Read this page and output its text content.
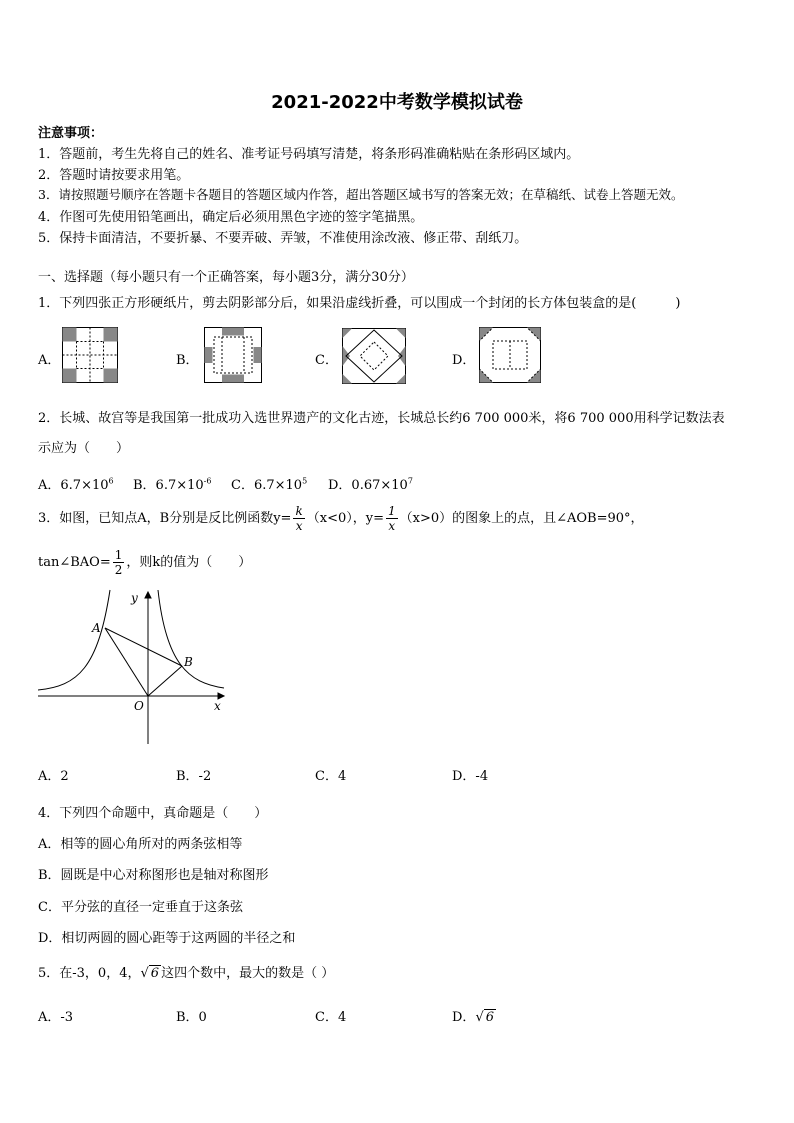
2021-2022中考数学模拟试卷
注意事项：
1．答题前，考生先将自己的姓名、准考证号码填写清楚，将条形码准确粘贴在条形码区域内。
2．答题时请按要求用笔。
3．请按照题号顺序在答题卡各题目的答题区域内作答，超出答题区域书写的答案无效；在草稿纸、试卷上答题无效。
4．作图可先使用铅笔画出，确定后必须用黑色字迹的签字笔描黑。
5．保持卡面清洁，不要折暴、不要弄破、弄皱，不准使用涂改液、修正带、刮纸刀。
一、选择题（每小题只有一个正确答案，每小题3分，满分30分）
1．下列四张正方形硬纸片，剪去阴影部分后，如果沿虚线折叠，可以围成一个封闭的长方体包装盒的是(　　　)
A．	B．	C．	D．
2．长城、故宫等是我国第一批成功入选世界遗产的文化古迹，长城总长约6 700 000米，将6 700 000用科学记数法表
示应为（　　）
A．$6.7\times 10^6$ B．$6.7\times 10^{-6}$ C．$6.7\times 10^5$ D．$0.67\times 10^7$
3．如图，已知点A，B分别是反比例函数$y= \frac{k}{x} (x<0)$，$y= \frac{1}{x} (x>0)$的图象上的点，且∠AOB=90°，
tan∠BAO= $\frac{1}{2}$ ，则k的值为（　　）
y
x
O
A
B
A．2	B．-2	C．4	D．-4
4．下列四个命题中，真命题是（　　）
A．相等的圆心角所对的两条弦相等
B．圆既是中心对称图形也是轴对称图形
C．平分弦的直径一定垂直于这条弦
D．相切两圆的圆心距等于这两圆的半径之和
5．在-3，0，4，√ 6 这四个数中，最大的数是（ ）
A．-3	B．0	C．4	D．√ 6
